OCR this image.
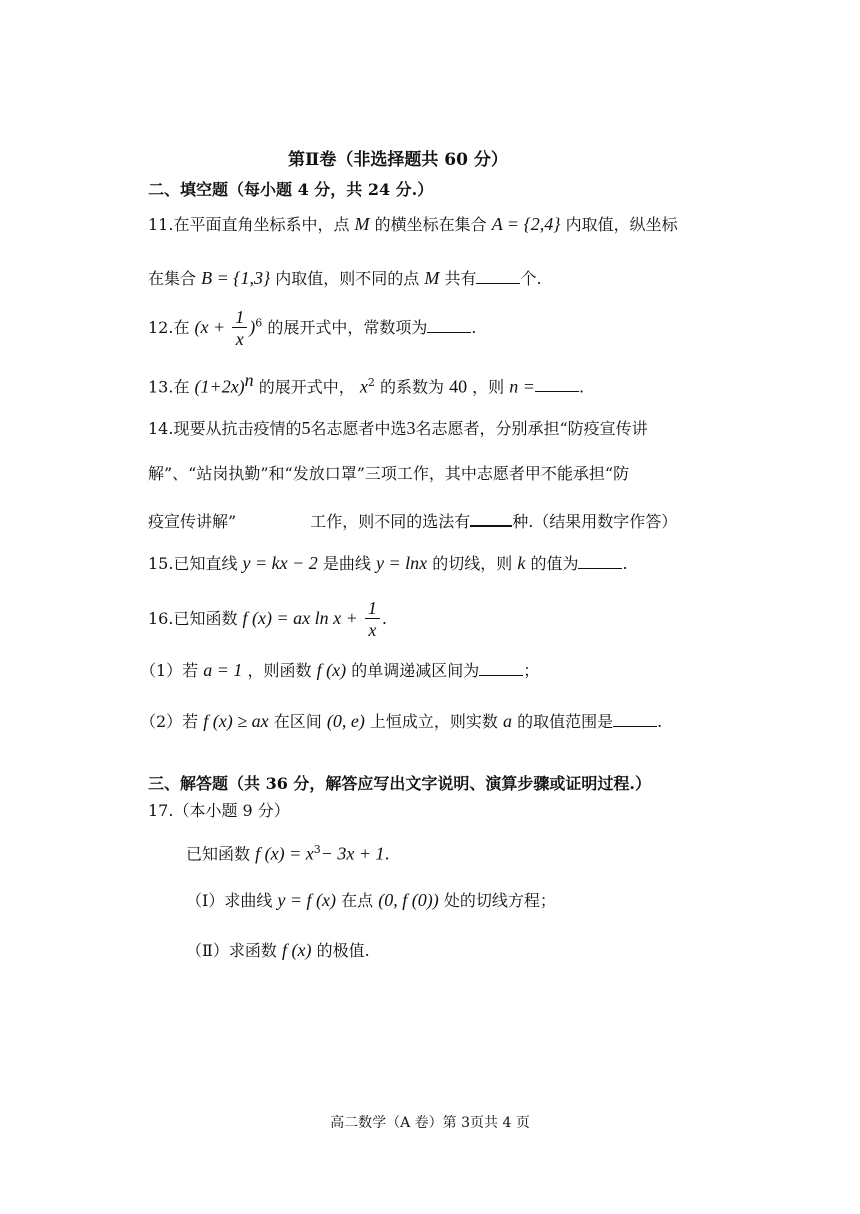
第Ⅱ卷（非选择题共 60 分）
二、填空题（每小题 4 分，共 24 分.）
11.在平面直角坐标系中，点 M 的横坐标在集合 A = {2,4} 内取值，纵坐标
在集合 B = {1,3} 内取值，则不同的点 M 共有	个.
12.在 $(x + \frac{1}{x} )^6$ 的展开式中，常数项为	.
13.在 $(1+2x)^n$ 的展开式中， $x^2$ 的系数为 40 ，则 n =	.
14.现要从抗击疫情的5名志愿者中选3名志愿者，分别承担“防疫宣传讲
解”、“站岗执勤”和“发放口罩”三项工作，其中志愿者甲不能承担“防
疫宣传讲解”	工作，则不同的选法有	种.（结果用数字作答）
15.已知直线 y = kx − 2 是曲线 y = lnx 的切线，则 k 的值为	.
16.已知函数 f (x) = ax $\ln x + \frac{1}{x}$ .
（1）若 a = 1 ，则函数 f (x) 的单调递减区间为	；
（2）若 f (x) ≥ ax 在区间 (0, e) 上恒成立，则实数 a 的取值范围是	.
三、解答题（共 36 分，解答应写出文字说明、演算步骤或证明过程.）
17.（本小题 9 分）
已知函数 f $(x) = x^3- 3x + 1$.
（Ⅰ）求曲线 y = f (x) 在点 (0, f (0)) 处的切线方程；
（Ⅱ）求函数 f (x) 的极值.
高二数学（A 卷）第 3页共 4 页
